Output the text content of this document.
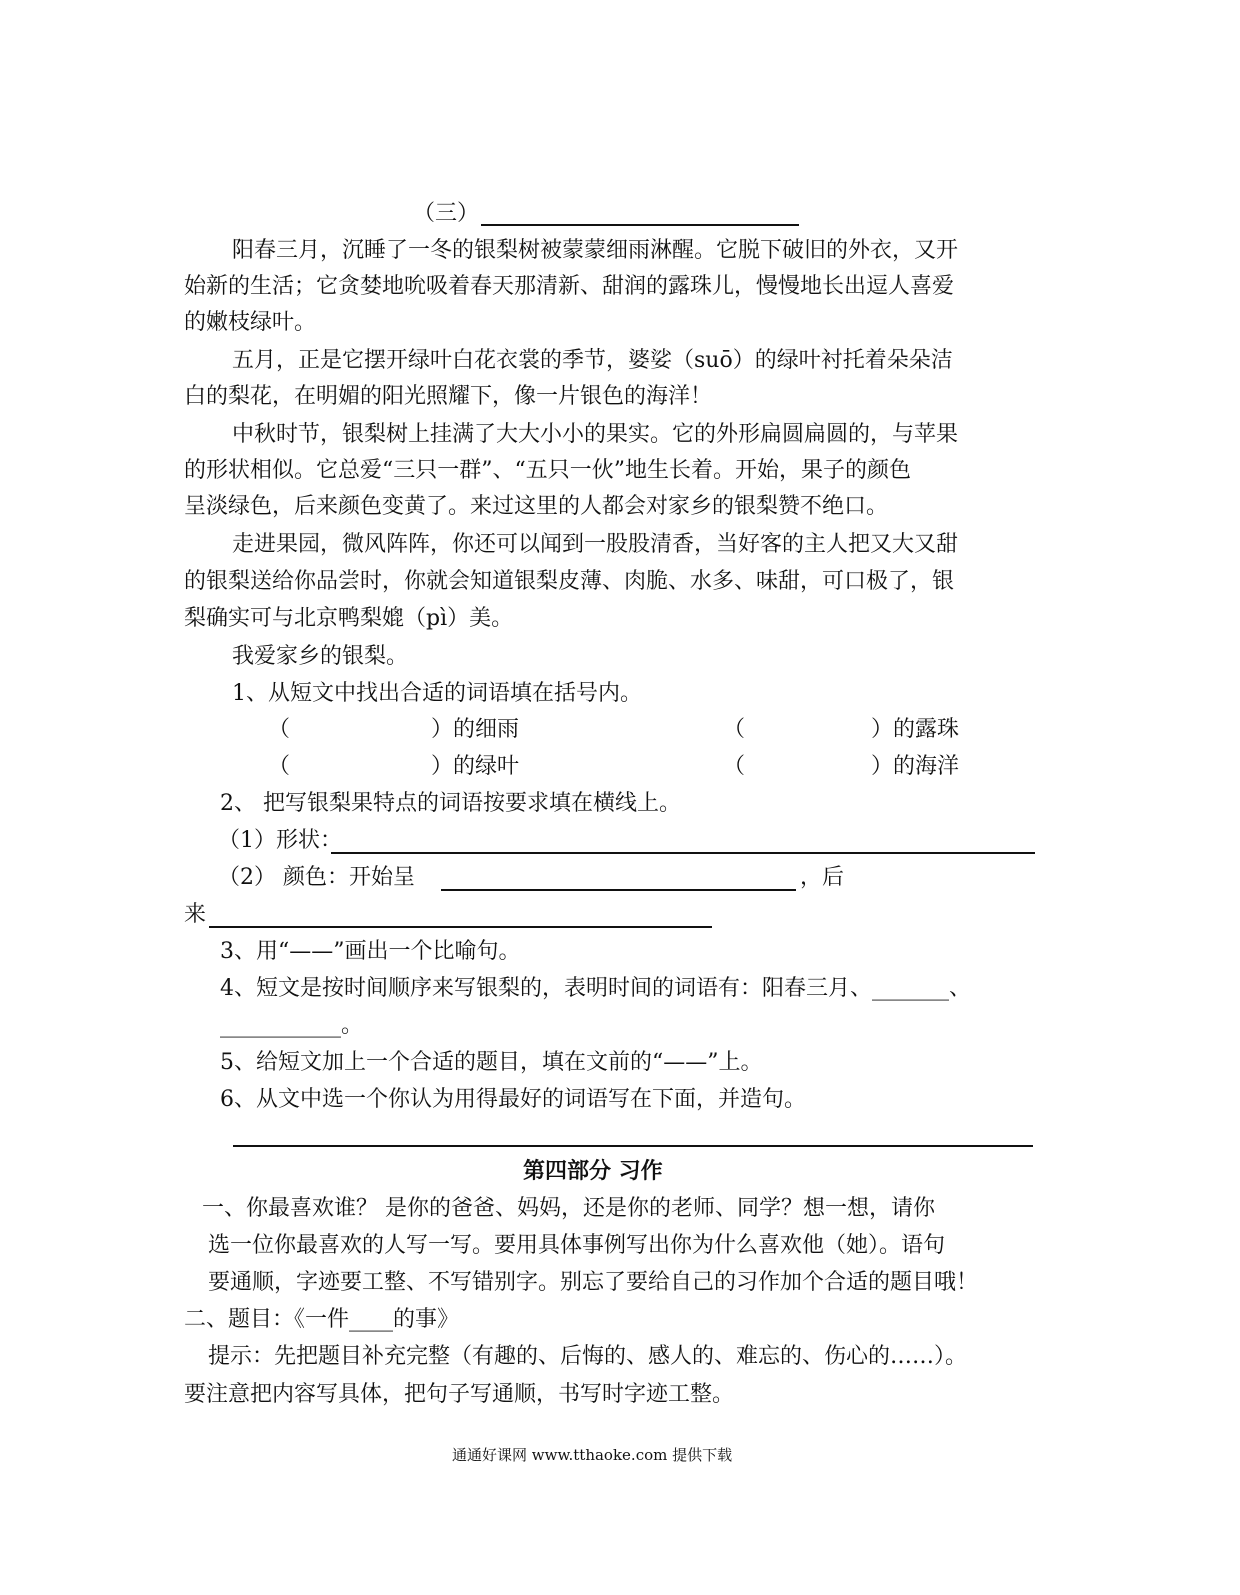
（三）
阳春三月，沉睡了一冬的银梨树被蒙蒙细雨淋醒。它脱下破旧的外衣，又开
始新的生活；它贪婪地吮吸着春天那清新、甜润的露珠儿，慢慢地长出逗人喜爱
的嫩枝绿叶。
五月，正是它摆开绿叶白花衣裳的季节，婆娑（suō）的绿叶衬托着朵朵洁
白的梨花，在明媚的阳光照耀下，像一片银色的海洋！
中秋时节，银梨树上挂满了大大小小的果实。它的外形扁圆扁圆的，与苹果
的形状相似。它总爱“三只一群”、“五只一伙”地生长着。开始，果子的颜色
呈淡绿色，后来颜色变黄了。来过这里的人都会对家乡的银梨赞不绝口。
走进果园，微风阵阵，你还可以闻到一股股清香，当好客的主人把又大又甜
的银梨送给你品尝时，你就会知道银梨皮薄、肉脆、水多、味甜，可口极了，银
梨确实可与北京鸭梨媲（pì）美。
我爱家乡的银梨。
1、从短文中找出合适的词语填在括号内。
（	）的细雨	（	）的露珠
（	）的绿叶	（	）的海洋
2、 把写银梨果特点的词语按要求填在横线上。
（1）形状：
（2） 颜色：开始呈	，后
来
3、用“——”画出一个比喻句。
4、短文是按时间顺序来写银梨的，表明时间的词语有：阳春三月、_______、
___________。
5、给短文加上一个合适的题目，填在文前的“——”上。
6、从文中选一个你认为用得最好的词语写在下面，并造句。
第四部分 习作
一、你最喜欢谁？ 是你的爸爸、妈妈，还是你的老师、同学？想一想，请你
选一位你最喜欢的人写一写。要用具体事例写出你为什么喜欢他（她）。语句
要通顺，字迹要工整、不写错别字。别忘了要给自己的习作加个合适的题目哦！
二、题目：《一件____的事》
提示：先把题目补充完整（有趣的、后悔的、感人的、难忘的、伤心的……）。
要注意把内容写具体，把句子写通顺，书写时字迹工整。
通通好课网 www.tthaoke.com 提供下载
